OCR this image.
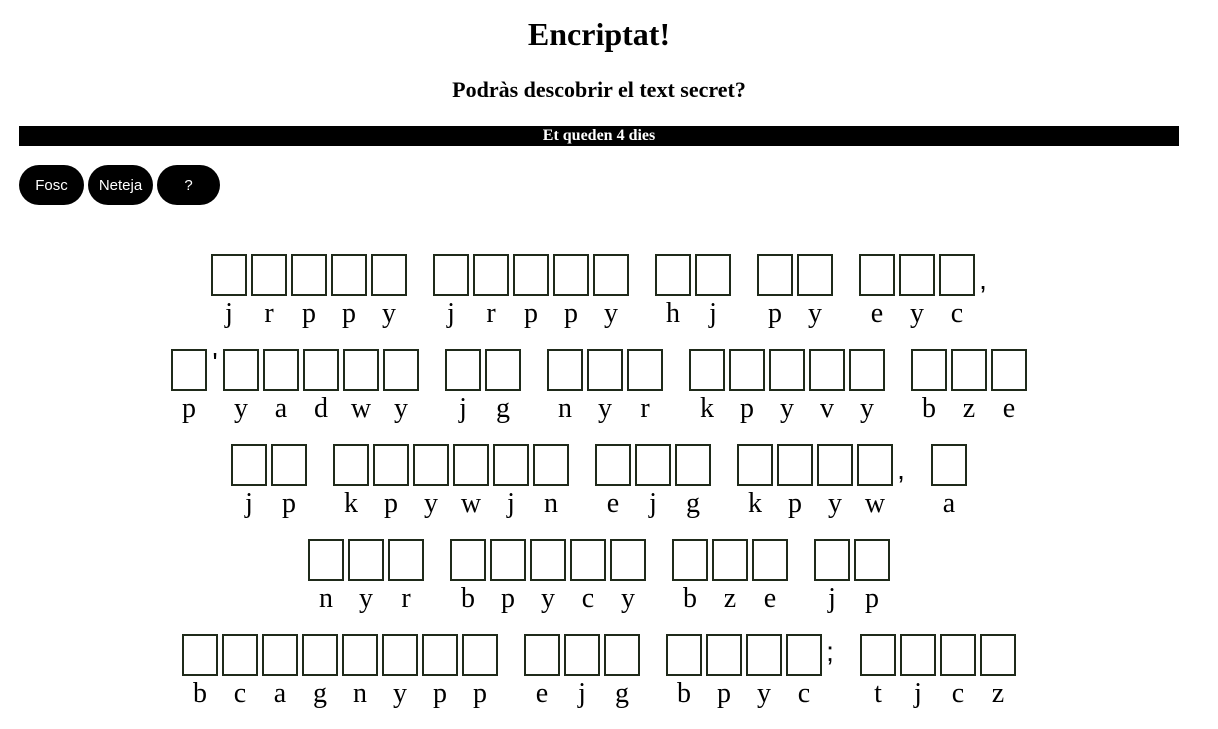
Encriptat!
Podràs descobrir el text secret?
Et queden 4 dies
Fosc	Neteja	?
j r p p y j r p p y h j p y e y c
,
p
'
y a d w y j g n y r k p y v y b z e
j p k p y w j n e j g k p y w
,
a
n y r b p y c y b z e j p
b c a g n y p p e j g b p y c
;
t j c z
